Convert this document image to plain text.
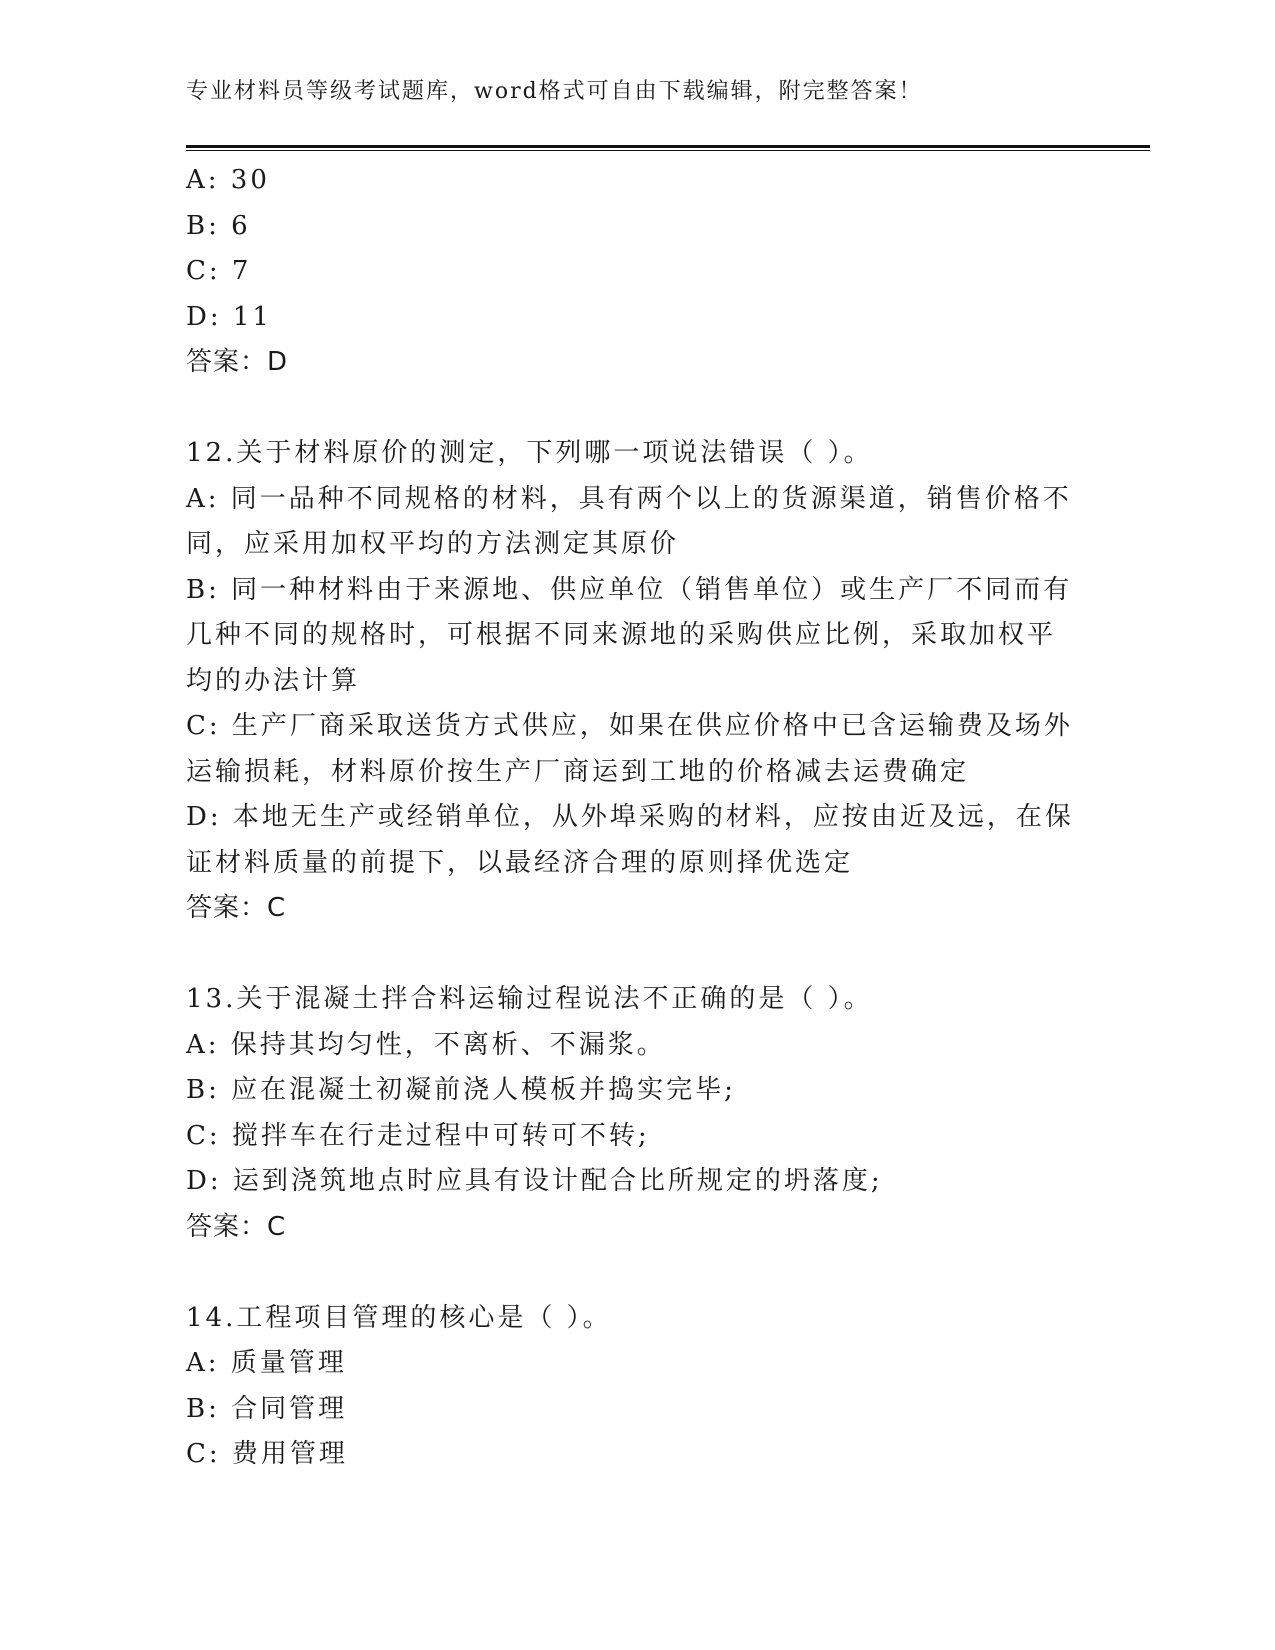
专业材料员等级考试题库，word格式可自由下载编辑，附完整答案！
A: 30
B: 6
C: 7
D: 11
答案：D
12.关于材料原价的测定，下列哪一项说法错误（ ）。
A: 同一品种不同规格的材料，具有两个以上的货源渠道，销售价格不
同，应采用加权平均的方法测定其原价
B: 同一种材料由于来源地、供应单位（销售单位）或生产厂不同而有
几种不同的规格时，可根据不同来源地的采购供应比例，采取加权平
均的办法计算
C: 生产厂商采取送货方式供应，如果在供应价格中已含运输费及场外
运输损耗，材料原价按生产厂商运到工地的价格减去运费确定
D: 本地无生产或经销单位，从外埠采购的材料，应按由近及远，在保
证材料质量的前提下，以最经济合理的原则择优选定
答案：C
13.关于混凝土拌合料运输过程说法不正确的是（ ）。
A: 保持其均匀性，不离析、不漏浆。
B: 应在混凝土初凝前浇人模板并捣实完毕;
C: 搅拌车在行走过程中可转可不转;
D: 运到浇筑地点时应具有设计配合比所规定的坍落度;
答案：C
14.工程项目管理的核心是（ ）。
A: 质量管理
B: 合同管理
C: 费用管理
